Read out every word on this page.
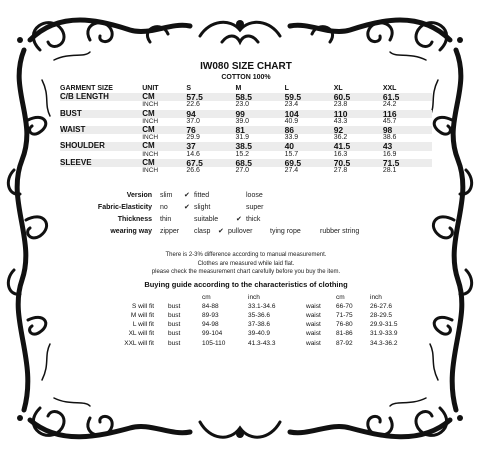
IW080 SIZE CHART
COTTON 100%
GARMENT SIZE	UNIT	S	M	L	XL	XXL
C/B LENGTH	CM	57.5	58.5	59.5	60.5	61.5
	INCH	22.6	23.0	23.4	23.8	24.2
BUST	CM	94	99	104	110	116
	INCH	37.0	39.0	40.9	43.3	45.7
WAIST	CM	76	81	86	92	98
	INCH	29.9	31.9	33.9	36.2	38.6
SHOULDER	CM	37	38.5	40	41.5	43
	INCH	14.6	15.2	15.7	16.3	16.9
SLEEVE	CM	67.5	68.5	69.5	70.5	71.5
	INCH	26.6	27.0	27.4	27.8	28.1
Version	slim	✔ fitted	loose
Fabric-Elasticity	no	✔ slight	super
Thickness	thin	suitable	✔ thick
wearing way	zipper	clasp	✔ pullover	tying rope	rubber string
There is 2-3% difference according to manual measurement.
Clothes are measured while laid flat.
please check the measurement chart carefully before you buy the item.
Buying guide according to the characteristics of clothing
		cm	inch		cm	inch
S will fit	bust	84-88	33.1-34.6	waist	66-70	26-27.6
M will fit	bust	89-93	35-36.6	waist	71-75	28-29.5
L will fit	bust	94-98	37-38.6	waist	76-80	29.9-31.5
XL will fit	bust	99-104	39-40.9	waist	81-86	31.9-33.9
XXL will fit	bust	105-110	41.3-43.3	waist	87-92	34.3-36.2
